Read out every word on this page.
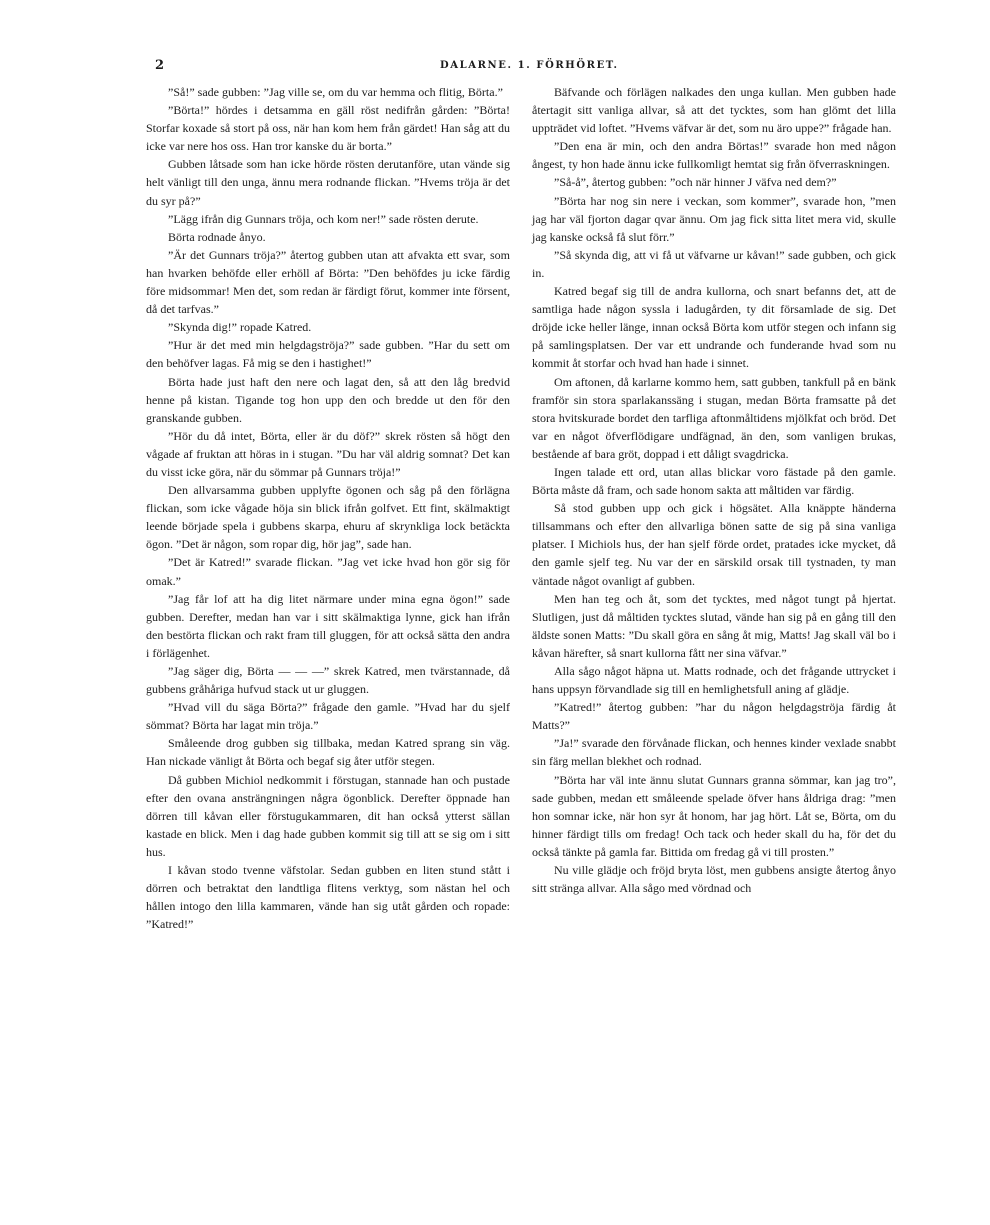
2	DALARNE. 1. FÖRHÖRET.

”Så!” sade gubben: ”Jag ville se, om du var hemma och flitig, Börta.”

”Börta!” hördes i detsamma en gäll röst nedifrån gården: ”Börta! Storfar koxade så stort på oss, när han kom hem från gärdet! Han såg att du icke var nere hos oss. Han tror kanske du är borta.”

Gubben låtsade som han icke hörde rösten derutanföre, utan vände sig helt vänligt till den unga, ännu mera rodnande flickan. ”Hvems tröja är det du syr på?”

”Lägg ifrån dig Gunnars tröja, och kom ner!” sade rösten derute.

Börta rodnade ånyo.

”Är det Gunnars tröja?” återtog gubben utan att afvakta ett svar, som han hvarken behöfde eller erhöll af Börta: ”Den behöfdes ju icke färdig före midsommar! Men det, som redan är färdigt förut, kommer inte försent, då det tarfvas.”

”Skynda dig!” ropade Katred.

”Hur är det med min helgdagströja?” sade gubben. ”Har du sett om den behöfver lagas. Få mig se den i hastighet!”

Börta hade just haft den nere och lagat den, så att den låg bredvid henne på kistan. Tigande tog hon upp den och bredde ut den för den granskande gubben.

”Hör du då intet, Börta, eller är du döf?” skrek rösten så högt den vågade af fruktan att höras in i stugan. ”Du har väl aldrig somnat? Det kan du visst icke göra, när du sömmar på Gunnars tröja!”

Den allvarsamma gubben upplyfte ögonen och såg på den förlägna flickan, som icke vågade höja sin blick ifrån golfvet. Ett fint, skälmaktigt leende började spela i gubbens skarpa, ehuru af skrynkliga lock betäckta ögon. ”Det är någon, som ropar dig, hör jag”, sade han.

”Det är Katred!” svarade flickan. ”Jag vet icke hvad hon gör sig för omak.”

”Jag får lof att ha dig litet närmare under mina egna ögon!” sade gubben. Derefter, medan han var i sitt skälmaktiga lynne, gick han ifrån den bestörta flickan och rakt fram till gluggen, för att också sätta den andra i förlägenhet.

”Jag säger dig, Börta — — —” skrek Katred, men tvärstannade, då gubbens gråhåriga hufvud stack ut ur gluggen.

”Hvad vill du säga Börta?” frågade den gamle. ”Hvad har du sjelf sömmat? Börta har lagat min tröja.”

Småleende drog gubben sig tillbaka, medan Katred sprang sin väg. Han nickade vänligt åt Börta och begaf sig åter utför stegen.

Då gubben Michiol nedkommit i förstugan, stannade han och pustade efter den ovana ansträngningen några ögonblick. Derefter öppnade han dörren till kåvan eller förstugukammaren, dit han också ytterst sällan kastade en blick. Men i dag hade gubben kommit sig till att se sig om i sitt hus.

I kåvan stodo tvenne väfstolar. Sedan gubben en liten stund stått i dörren och betraktat den landtliga flitens verktyg, som nästan hel och hållen intogo den lilla kammaren, vände han sig utåt gården och ropade: ”Katred!”

Bäfvande och förlägen nalkades den unga kullan. Men gubben hade återtagit sitt vanliga allvar, så att det tycktes, som han glömt det lilla uppträdet vid loftet. ”Hvems väfvar är det, som nu äro uppe?” frågade han.

”Den ena är min, och den andra Börtas!” svarade hon med någon ångest, ty hon hade ännu icke fullkomligt hemtat sig från öfverraskningen.

”Så-å”, återtog gubben: ”och när hinner J väfva ned dem?”

”Börta har nog sin nere i veckan, som kommer”, svarade hon, ”men jag har väl fjorton dagar qvar ännu. Om jag fick sitta litet mera vid, skulle jag kanske också få slut förr.”

”Så skynda dig, att vi få ut väfvarne ur kåvan!” sade gubben, och gick in.

Katred begaf sig till de andra kullorna, och snart befanns det, att de samtliga hade någon syssla i ladugården, ty dit församlade de sig. Det dröjde icke heller länge, innan också Börta kom utför stegen och infann sig på samlingsplatsen. Der var ett undrande och funderande hvad som nu kommit åt storfar och hvad han hade i sinnet.

Om aftonen, då karlarne kommo hem, satt gubben, tankfull på en bänk framför sin stora sparlakanssäng i stugan, medan Börta framsatte på det stora hvitskurade bordet den tarfliga aftonmåltidens mjölkfat och bröd. Det var en något öfverflödigare undfägnad, än den, som vanligen brukas, bestående af bara gröt, doppad i ett dåligt svagdricka.

Ingen talade ett ord, utan allas blickar voro fästade på den gamle. Börta måste då fram, och sade honom sakta att måltiden var färdig.

Så stod gubben upp och gick i högsätet. Alla knäppte händerna tillsammans och efter den allvarliga bönen satte de sig på sina vanliga platser. I Michiols hus, der han sjelf förde ordet, pratades icke mycket, då den gamle sjelf teg. Nu var der en särskild orsak till tystnaden, ty man väntade något ovanligt af gubben.

Men han teg och åt, som det tycktes, med något tungt på hjertat. Slutligen, just då måltiden tycktes slutad, vände han sig på en gång till den äldste sonen Matts: ”Du skall göra en sång åt mig, Matts! Jag skall väl bo i kåvan härefter, så snart kullorna fått ner sina väfvar.”

Alla sågo något häpna ut. Matts rodnade, och det frågande uttrycket i hans uppsyn förvandlade sig till en hemlighetsfull aning af glädje.

”Katred!” återtog gubben: ”har du någon helgdagströja färdig åt Matts?”

”Ja!” svarade den förvånade flickan, och hennes kinder vexlade snabbt sin färg mellan blekhet och rodnad.

”Börta har väl inte ännu slutat Gunnars granna sömmar, kan jag tro”, sade gubben, medan ett småleende spelade öfver hans åldriga drag: ”men hon somnar icke, när hon syr åt honom, har jag hört. Låt se, Börta, om du hinner färdigt tills om fredag! Och tack och heder skall du ha, för det du också tänkte på gamla far. Bittida om fredag gå vi till prosten.”

Nu ville glädje och fröjd bryta löst, men gubbens ansigte återtog ånyo sitt stränga allvar. Alla sågo med vördnad och
